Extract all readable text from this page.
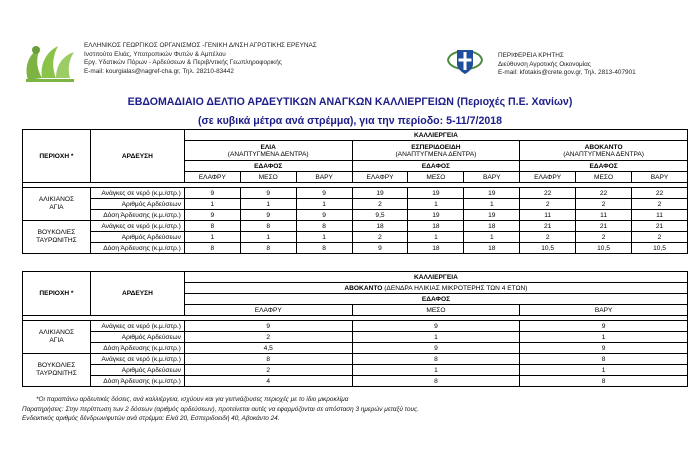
ΕΛΛΗΝΙΚΟΣ ΓΕΩΡΓΙΚΟΣ ΟΡΓΑΝΙΣΜΟΣ -ΓΕΝΙΚΗ Δ/ΝΣΗ ΑΓΡΟΤΙΚΗΣ ΕΡΕΥΝΑΣ
Ινστιτούτο Ελιάς, Υποτροπικών Φυτών & Αμπέλου
Εργ. Υδατικών Πόρων - Αρδεύσεων & Περιβ/ντικής Γεωπληροφορικής
E-mail: kourgialas@nagref-cha.gr, Τηλ. 28210-83442
ΠΕΡΙΦΕΡΕΙΑ ΚΡΗΤΗΣ
Διεύθυνση Αγροτικής Οικονομίας
E-mail: kfotakis@crete.gov.gr, Τηλ. 2813-407901
ΕΒΔΟΜΑΔΙΑΙΟ ΔΕΛΤΙΟ ΑΡΔΕΥΤΙΚΩΝ ΑΝΑΓΚΩΝ ΚΑΛΛΙΕΡΓΕΙΩΝ (Περιοχές Π.Ε. Χανίων)
(σε κυβικά μέτρα ανά στρέμμα), για την περίοδο: 5-11/7/2018
ΠΕΡΙΟΧΗ *	ΑΡΔΕΥΣΗ	ΚΑΛΛΙΕΡΓΕΙΑ								
		ΕΛΙΑ
(ΑΝΑΠΤΥΓΜΕΝΑ ΔΕΝΤΡΑ)			ΕΣΠΕΡΙΔΟΕΙΔΗ
(ΑΝΑΠΤΥΓΜΕΝΑ ΔΕΝΤΡΑ)			ΑΒΟΚΑΝΤΟ
(ΑΝΑΠΤΥΓΜΕΝΑ ΔΕΝΤΡΑ)		
		ΕΔΑΦΟΣ			ΕΔΑΦΟΣ			ΕΔΑΦΟΣ		
		ΕΛΑΦΡΥ	ΜΕΣΟ	ΒΑΡΥ	ΕΛΑΦΡΥ	ΜΕΣΟ	ΒΑΡΥ	ΕΛΑΦΡΥ	ΜΕΣΟ	ΒΑΡΥ

ΑΛΙΚΙΑΝΟΣ
ΑΓΙΑ	Ανάγκες σε νερό (κ.μ./στρ.)	9	9	9	19	19	19	22	22	22
	Αριθμός Αρδεύσεων	1	1	1	2	1	1	2	2	2
	Δόση Άρδευσης (κ.μ./στρ.)	9	9	9	9,5	19	19	11	11	11
ΒΟΥΚΟΛΙΕΣ
ΤΑΥΡΩΝΙΤΗΣ	Ανάγκες σε νερό (κ.μ./στρ.)	8	8	8	18	18	18	21	21	21
	Αριθμός Αρδεύσεων	1	1	1	2	1	1	2	2	2
	Δόση Άρδευσης (κ.μ./στρ.)	8	8	8	9	18	18	10,5	10,5	10,5
ΠΕΡΙΟΧΗ *	ΑΡΔΕΥΣΗ	ΚΑΛΛΙΕΡΓΕΙΑ		
		ΑΒΟΚΑΝΤΟ (ΔΕΝΔΡΑ ΗΛΙΚΙΑΣ ΜΙΚΡΟΤΕΡΗΣ ΤΩΝ 4 ΕΤΩΝ)		
		ΕΔΑΦΟΣ		
		ΕΛΑΦΡΥ	ΜΕΣΟ	ΒΑΡΥ

ΑΛΙΚΙΑΝΟΣ
ΑΓΙΑ	Ανάγκες σε νερό (κ.μ./στρ.)	9	9	9
	Αριθμός Αρδεύσεων	2	1	1
	Δόση Άρδευσης (κ.μ./στρ.)	4,5	9	9
ΒΟΥΚΟΛΙΕΣ
ΤΑΥΡΩΝΙΤΗΣ	Ανάγκες σε νερό (κ.μ./στρ.)	8	8	8
	Αριθμός Αρδεύσεων	2	1	1
	Δόση Άρδευσης (κ.μ./στρ.)	4	8	8
*Οι παραπάνω αρδευτικές δόσεις, ανά καλλιέργεια, ισχύουν και για γειτνιάζουσες περιοχές με το ίδιο μικροκλίμα
Παρατηρήσεις: Στην περίπτωση των 2 δόσεων (αριθμός αρδεύσεων), προτείνεται αυτές να εφαρμόζονται σε απόσταση 3 ημερών μεταξύ τους.
Ενδεικτικός αριθμός δένδρων/φυτών ανά στρέμμα: Ελιά 20, Εσπεριδοειδή 40, Αβοκάντο 24.
